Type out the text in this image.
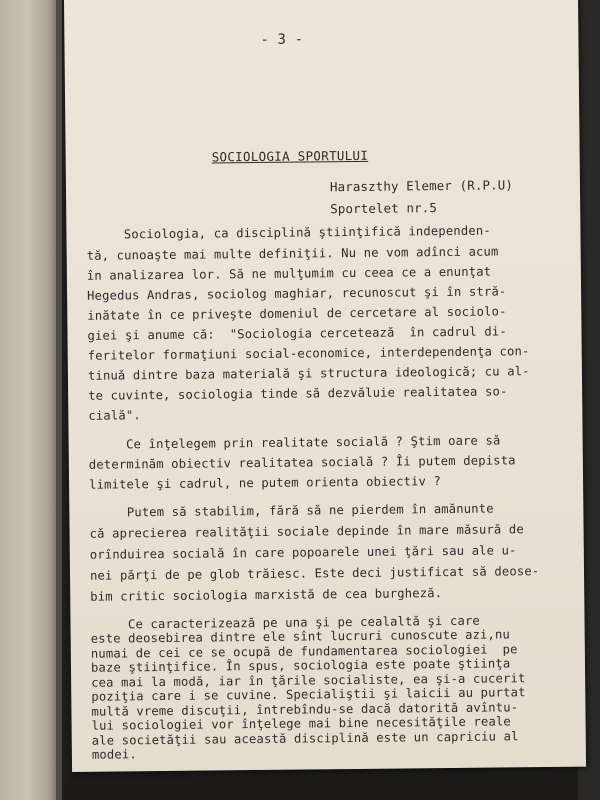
- 3 -
SOCIOLOGIA SPORTULUI
Haraszthy Elemer (R.P.U)
Sportelet nr.5
Sociologia, ca disciplină ştiinţifică independen-
tă, cunoaşte mai multe definiţii. Nu ne vom adînci acum
în analizarea lor. Să ne mulţumim cu ceea ce a enunţat
Hegedus Andras, sociolog maghiar, recunoscut şi în stră-
inătate în ce priveşte domeniul de cercetare al sociolo-
giei şi anume că:  "Sociologia cercetează  în cadrul di-
feritelor formaţiuni social-economice, interdependenţa con-
tinuă dintre baza materială şi structura ideologică; cu al-
te cuvinte, sociologia tinde să dezvăluie realitatea so-
cială".
Ce înţelegem prin realitate socială ? Ştim oare să
determinăm obiectiv realitatea socială ? Îi putem depista
limitele şi cadrul, ne putem orienta obiectiv ?
Putem să stabilim, fără să ne pierdem în amănunte
că aprecierea realităţii sociale depinde în mare măsură de
orînduirea socială în care popoarele unei ţări sau ale u-
nei părţi de pe glob trăiesc. Este deci justificat să deose-
bim critic sociologia marxistă de cea burgheză.
Ce caracterizează pe una şi pe cealaltă şi care
este deosebirea dintre ele sînt lucruri cunoscute azi,nu
numai de cei ce se ocupă de fundamentarea sociologiei  pe
baze ştiinţifice. În spus, sociologia este poate ştiinţa
cea mai la modă, iar în ţările socialiste, ea şi-a cucerit
poziţia care i se cuvine. Specialiştii şi laicii au purtat
multă vreme discuţii, întrebîndu-se dacă datorită avîntu-
lui sociologiei vor înţelege mai bine necesităţile reale
ale societăţii sau această disciplină este un capriciu al
modei.
